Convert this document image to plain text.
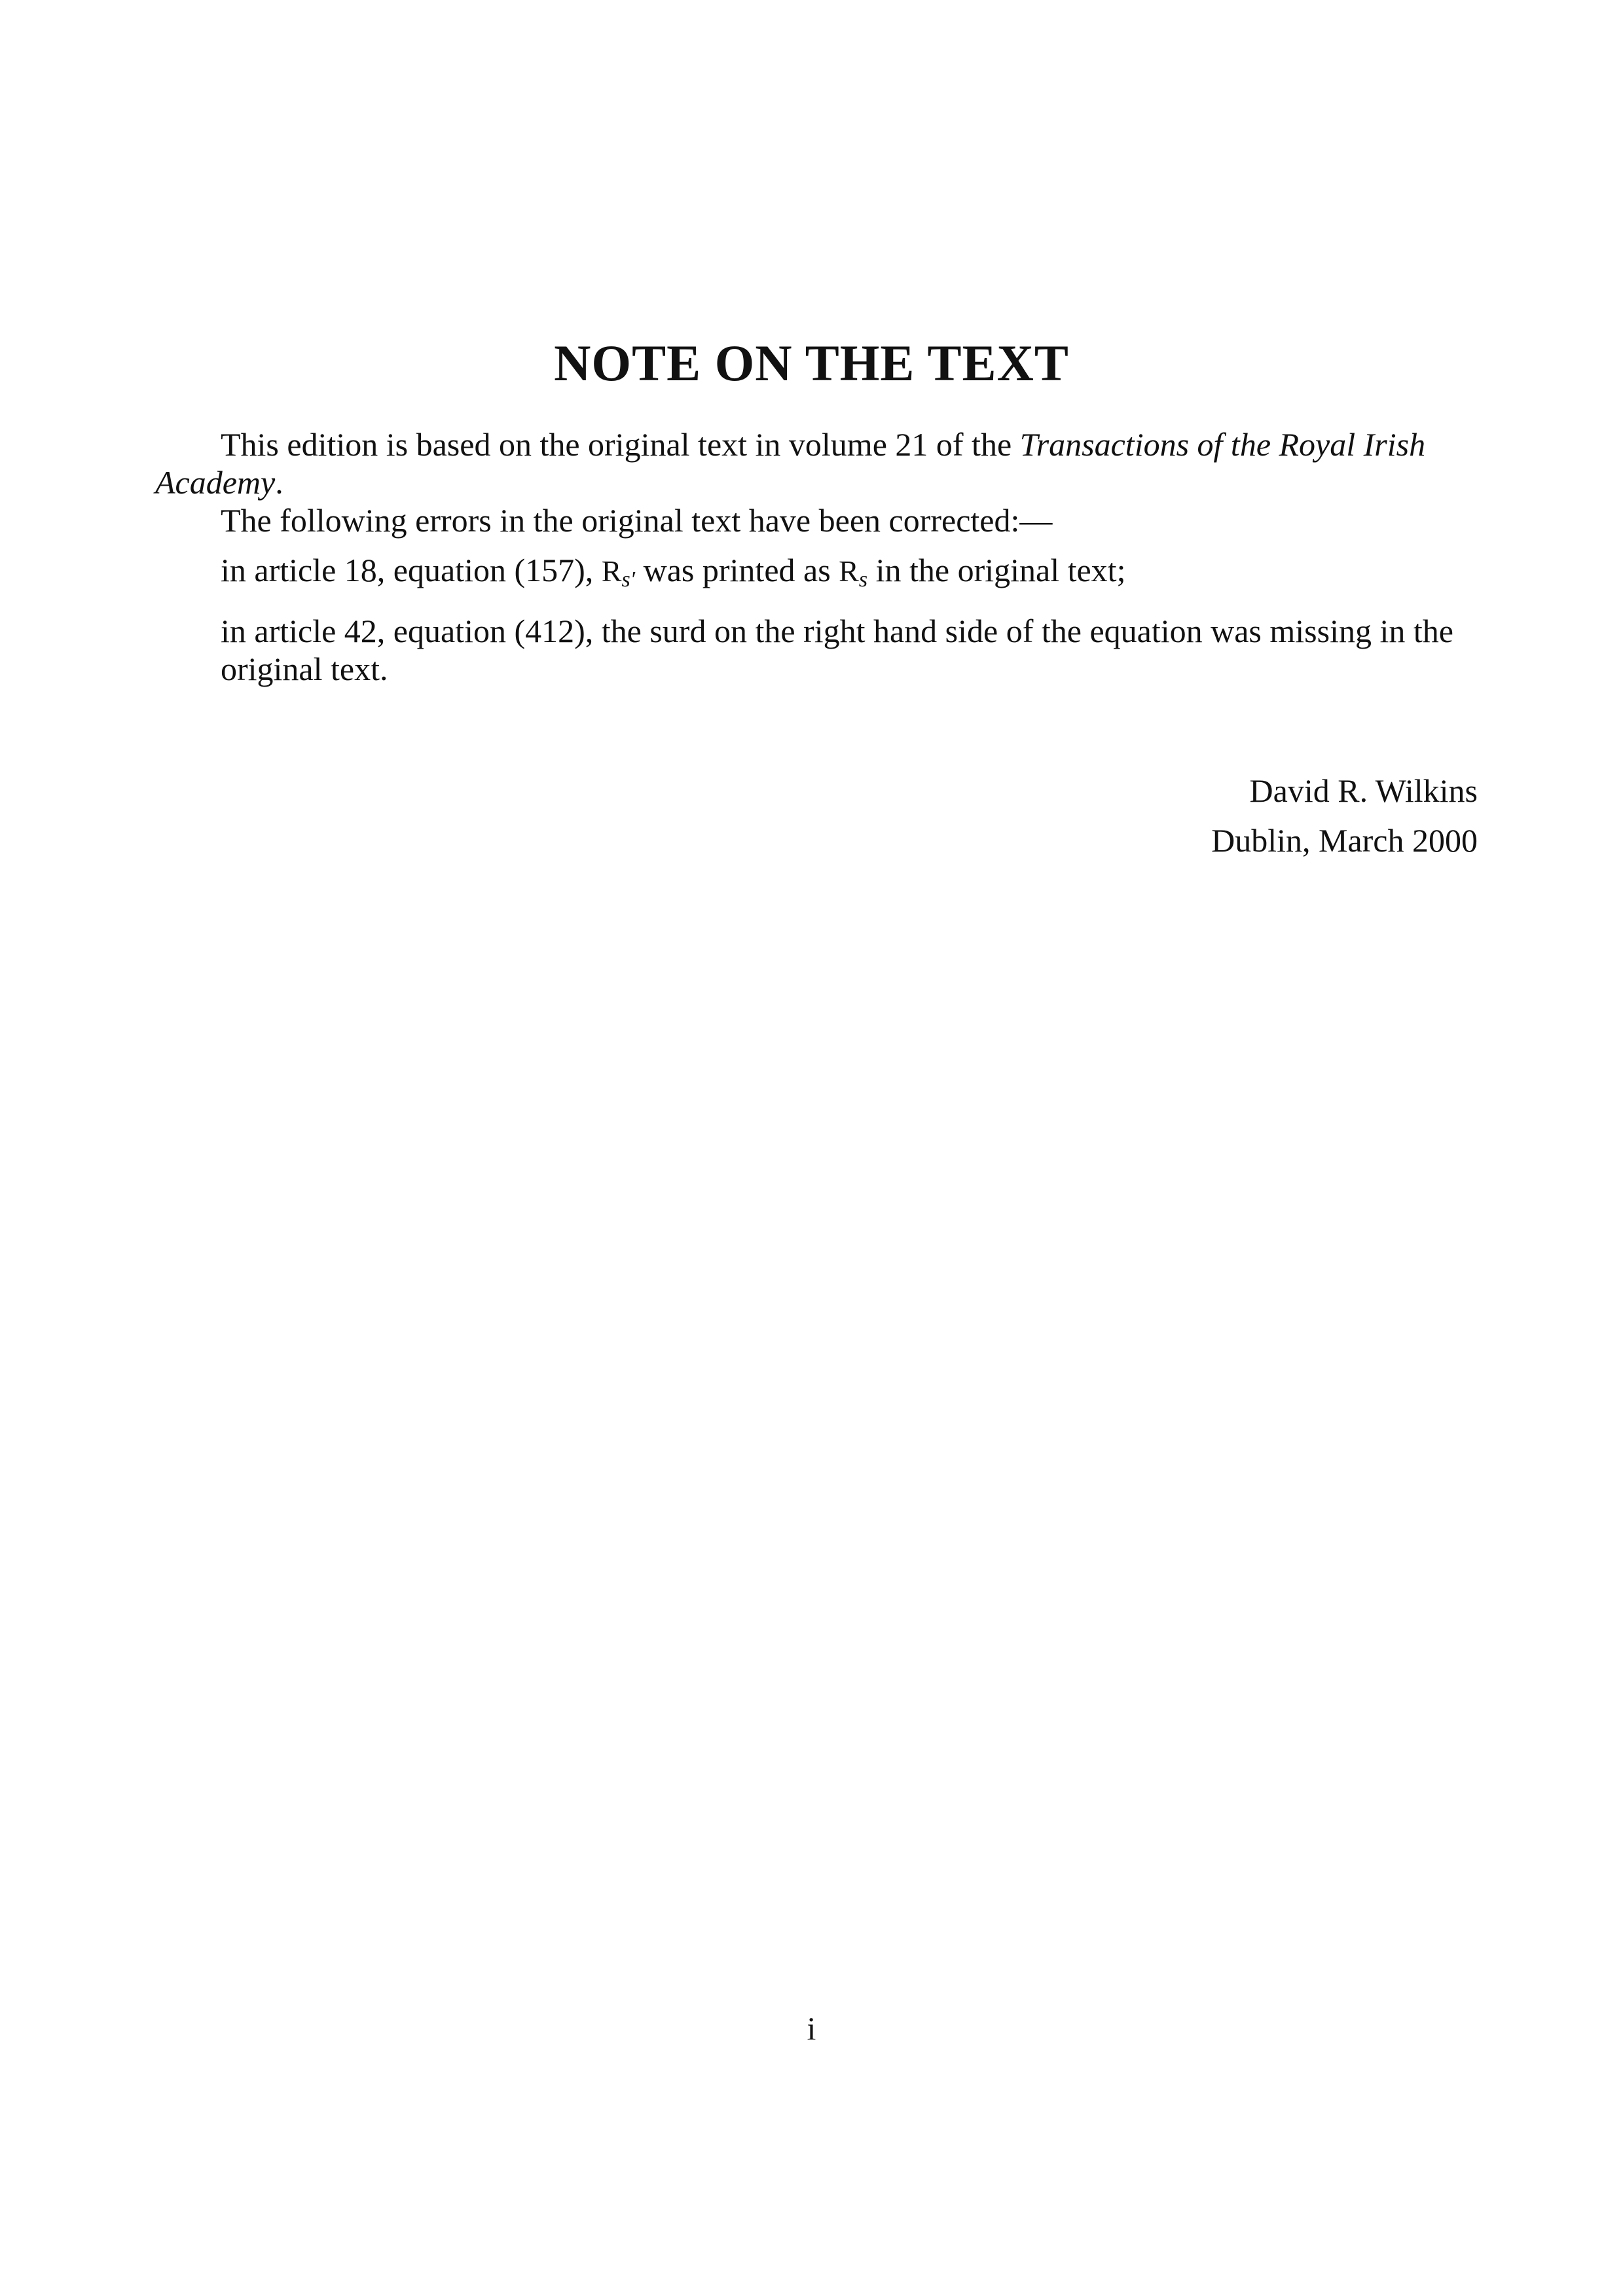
NOTE ON THE TEXT

This edition is based on the original text in volume 21 of the Transactions of the Royal Irish Academy.

The following errors in the original text have been corrected:—

in article 18, equation (157), $R_{s'}$ was printed as $R_s$ in the original text;

in article 42, equation (412), the surd on the right hand side of the equation was missing in the original text.

David R. Wilkins
Dublin, March 2000
i
